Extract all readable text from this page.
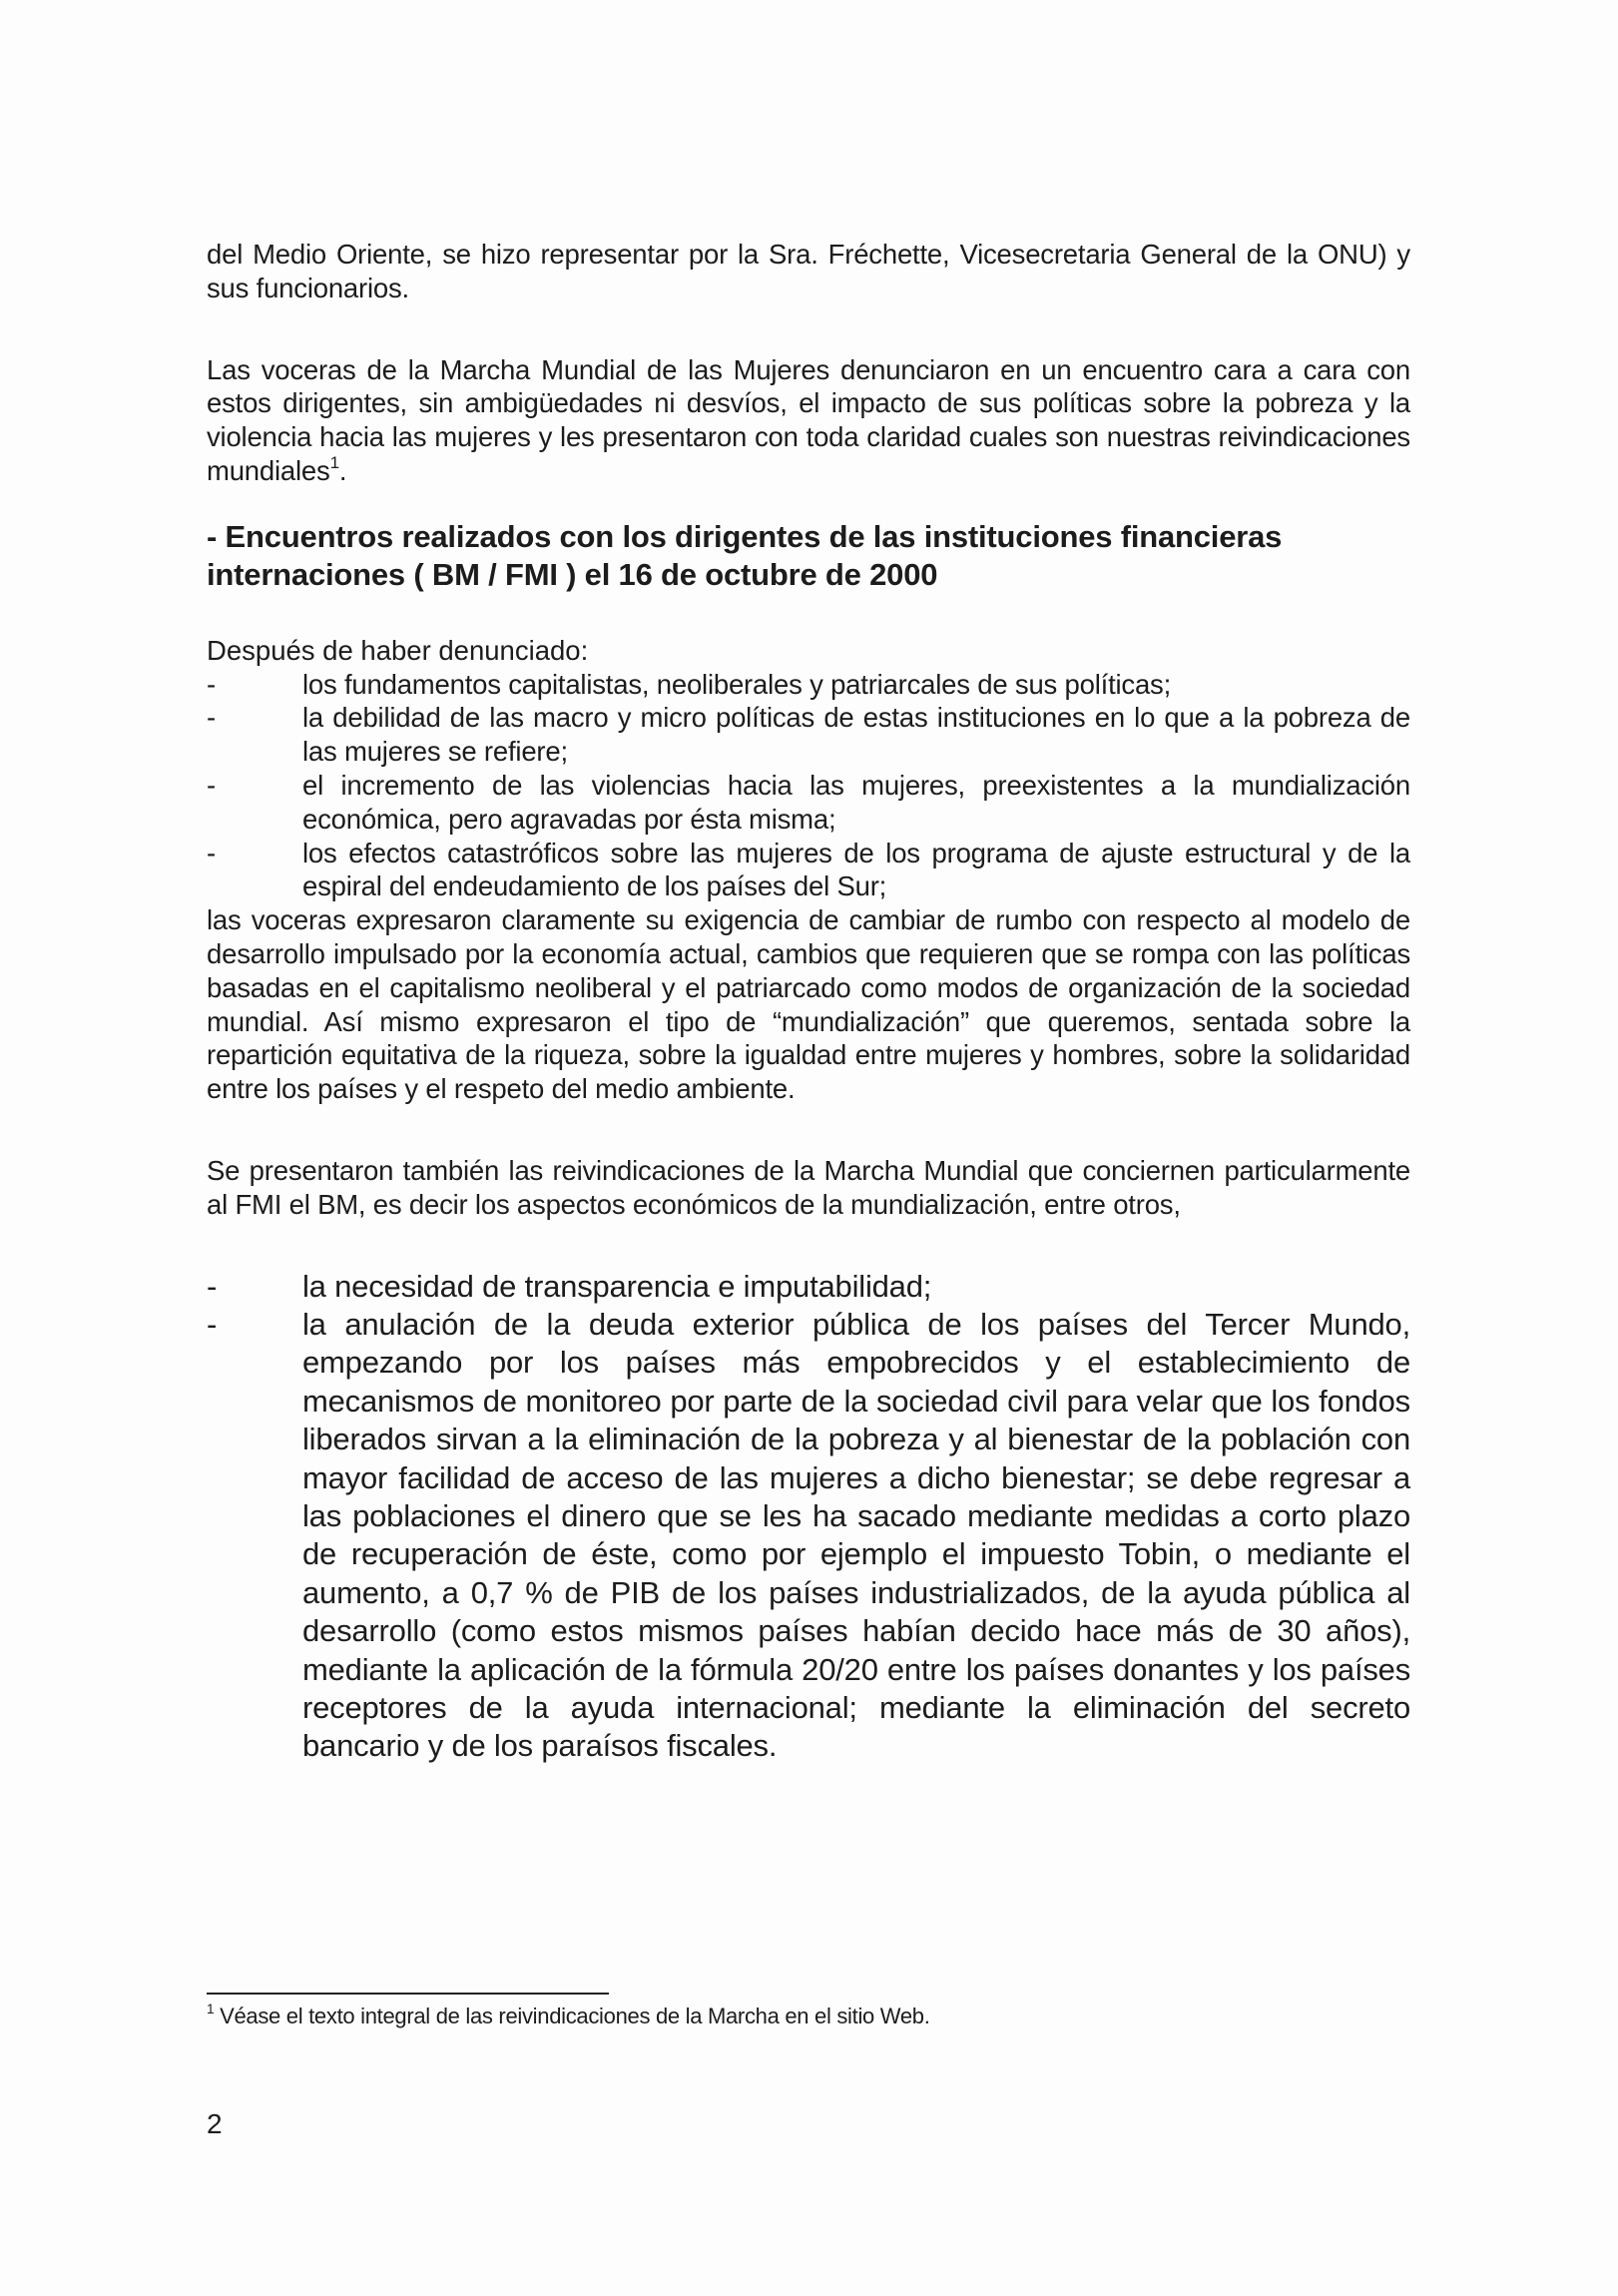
del Medio Oriente, se hizo representar por la Sra. Fréchette, Vicesecretaria General de la ONU) y sus funcionarios.

Las voceras de la Marcha Mundial de las Mujeres denunciaron en un encuentro cara a cara con estos dirigentes, sin ambigüedades ni desvíos, el impacto de sus políticas sobre la pobreza y la violencia hacia las mujeres y les presentaron con toda claridad cuales son nuestras reivindicaciones mundiales$^1$.

- Encuentros realizados con los dirigentes de las instituciones financieras internaciones ( BM / FMI ) el 16 de octubre de 2000

Después de haber denunciado:

-	los fundamentos capitalistas, neoliberales y patriarcales de sus políticas;
-	la debilidad de las macro y micro políticas de estas instituciones en lo que a la pobreza de las mujeres se refiere;
-	el incremento de las violencias hacia las mujeres, preexistentes a la mundialización económica, pero agravadas por ésta misma;
-	los efectos catastróficos sobre las mujeres de los programa de ajuste estructural y de la espiral del endeudamiento de los países del Sur;

las voceras expresaron claramente su exigencia de cambiar de rumbo con respecto al modelo de desarrollo impulsado por la economía actual, cambios que requieren que se rompa con las políticas basadas en el capitalismo neoliberal y el patriarcado como modos de organización de la sociedad mundial. Así mismo expresaron el tipo de “mundialización” que queremos, sentada sobre la repartición equitativa de la riqueza, sobre la igualdad entre mujeres y hombres, sobre la solidaridad entre los países y el respeto del medio ambiente.

Se presentaron también las reivindicaciones de la Marcha Mundial que conciernen particularmente al FMI el BM, es decir los aspectos económicos de la mundialización, entre otros,

-	la necesidad de transparencia e imputabilidad;
-	la anulación de la deuda exterior pública de los países del Tercer Mundo, empezando por los países más empobrecidos y el establecimiento de mecanismos de monitoreo por parte de la sociedad civil para velar que los fondos liberados sirvan a la eliminación de la pobreza y al bienestar de la población con mayor facilidad de acceso de las mujeres a dicho bienestar; se debe regresar a las poblaciones el dinero que se les ha sacado mediante medidas a corto plazo de recuperación de éste, como por ejemplo el impuesto Tobin, o mediante el aumento, a 0,7 % de PIB de los países industrializados, de la ayuda pública al desarrollo (como estos mismos países habían decido hace más de 30 años), mediante la aplicación de la fórmula 20/20 entre los países donantes y los países receptores de la ayuda internacional; mediante la eliminación del secreto bancario y de los paraísos fiscales.

$^1$ Véase el texto integral de las reivindicaciones de la Marcha en el sitio Web.

2
